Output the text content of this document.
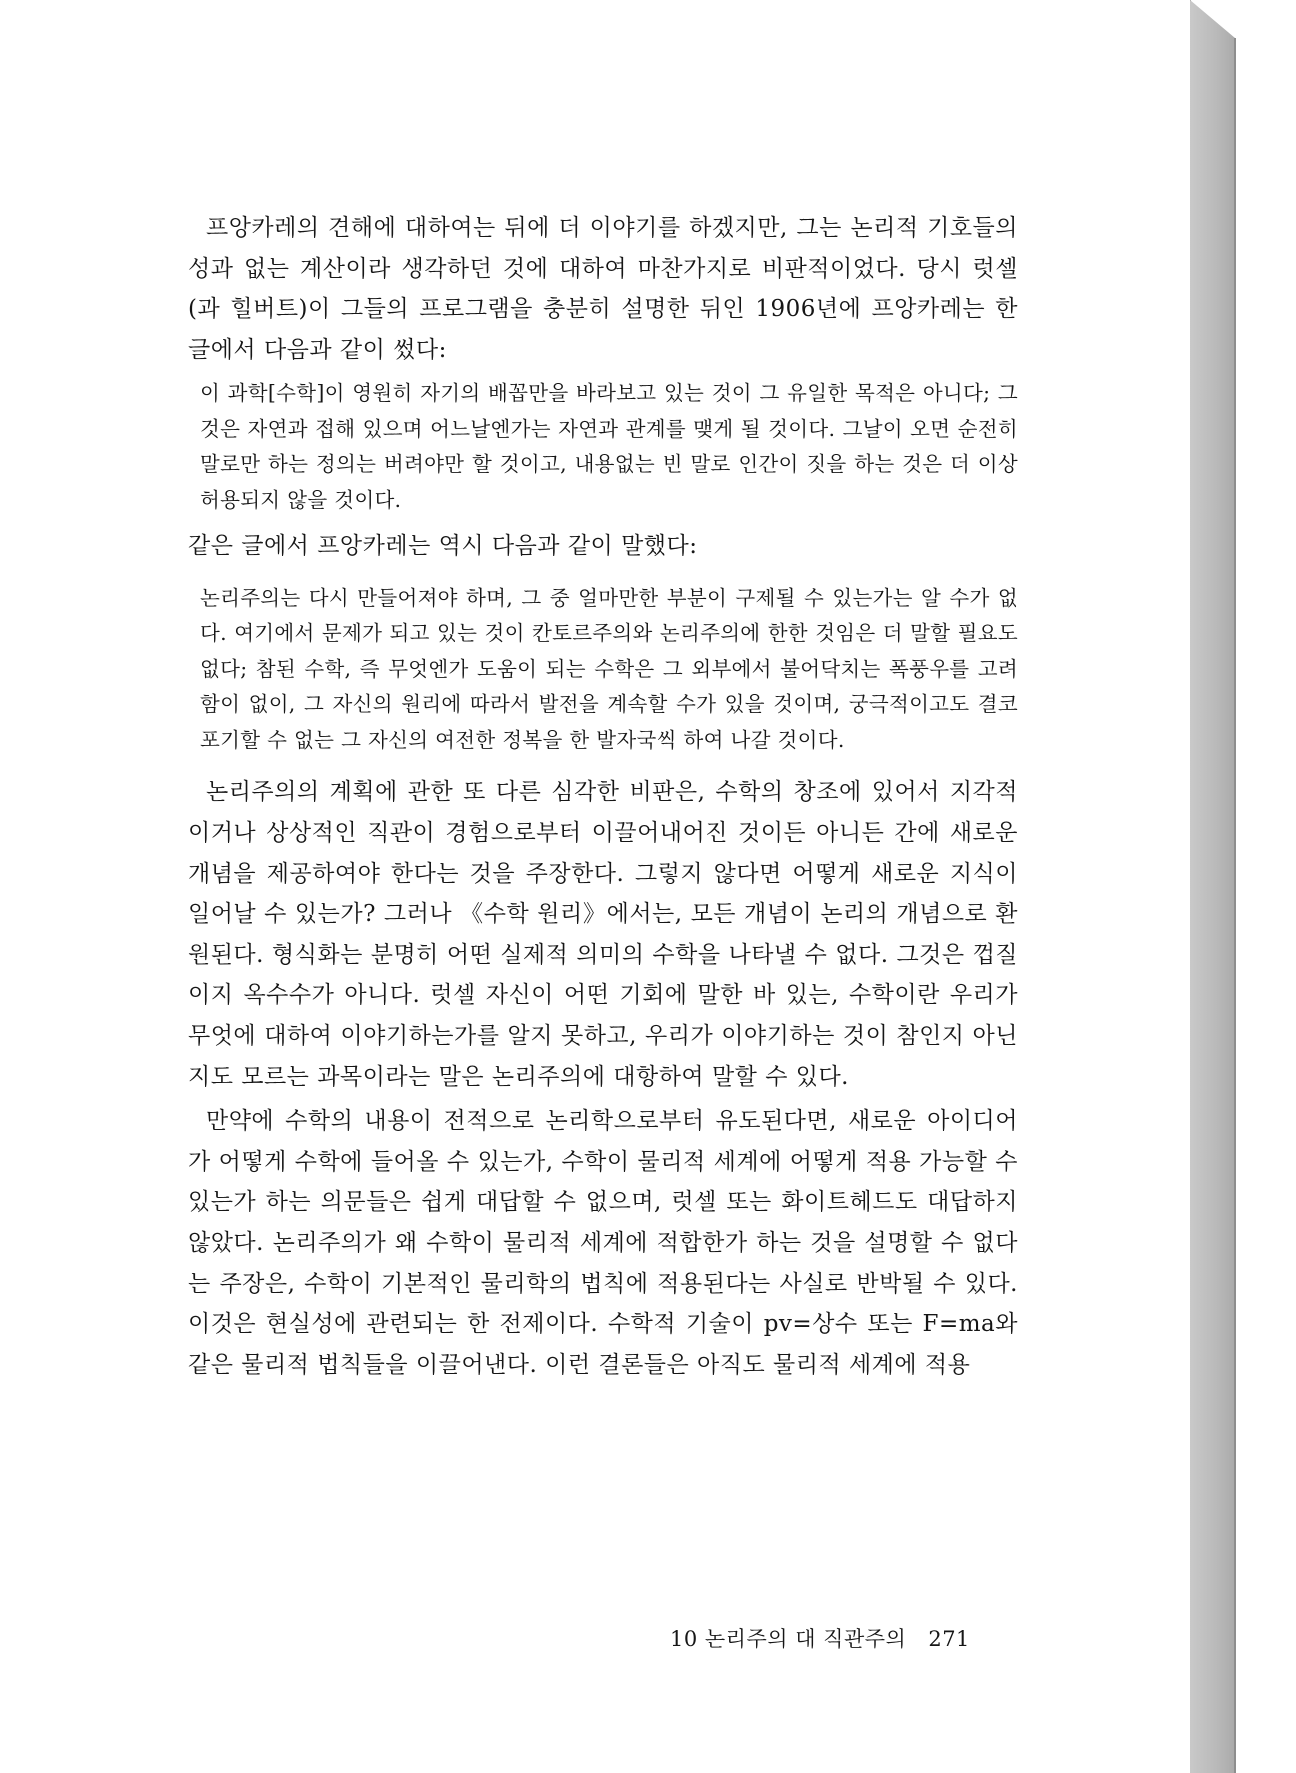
프앙카레의 견해에 대하여는 뒤에 더 이야기를 하겠지만, 그는 논리적 기호들의 성과 없는 계산이라 생각하던 것에 대하여 마찬가지로 비판적이었다. 당시 럿셀(과 힐버트)이 그들의 프로그램을 충분히 설명한 뒤인 1906년에 프앙카레는 한 글에서 다음과 같이 썼다:

이 과학[수학]이 영원히 자기의 배꼽만을 바라보고 있는 것이 그 유일한 목적은 아니다; 그것은 자연과 접해 있으며 어느날엔가는 자연과 관계를 맺게 될 것이다. 그날이 오면 순전히 말로만 하는 정의는 버려야만 할 것이고, 내용없는 빈 말로 인간이 짓을 하는 것은 더 이상 허용되지 않을 것이다.

같은 글에서 프앙카레는 역시 다음과 같이 말했다:

논리주의는 다시 만들어져야 하며, 그 중 얼마만한 부분이 구제될 수 있는가는 알 수가 없다. 여기에서 문제가 되고 있는 것이 칸토르주의와 논리주의에 한한 것임은 더 말할 필요도 없다; 참된 수학, 즉 무엇엔가 도움이 되는 수학은 그 외부에서 불어닥치는 폭풍우를 고려함이 없이, 그 자신의 원리에 따라서 발전을 계속할 수가 있을 것이며, 궁극적이고도 결코 포기할 수 없는 그 자신의 여전한 정복을 한 발자국씩 하여 나갈 것이다.

논리주의의 계획에 관한 또 다른 심각한 비판은, 수학의 창조에 있어서 지각적이거나 상상적인 직관이 경험으로부터 이끌어내어진 것이든 아니든 간에 새로운 개념을 제공하여야 한다는 것을 주장한다. 그렇지 않다면 어떻게 새로운 지식이 일어날 수 있는가? 그러나 《수학 원리》에서는, 모든 개념이 논리의 개념으로 환원된다. 형식화는 분명히 어떤 실제적 의미의 수학을 나타낼 수 없다. 그것은 껍질이지 옥수수가 아니다. 럿셀 자신이 어떤 기회에 말한 바 있는, 수학이란 우리가 무엇에 대하여 이야기하는가를 알지 못하고, 우리가 이야기하는 것이 참인지 아닌지도 모르는 과목이라는 말은 논리주의에 대항하여 말할 수 있다.

만약에 수학의 내용이 전적으로 논리학으로부터 유도된다면, 새로운 아이디어가 어떻게 수학에 들어올 수 있는가, 수학이 물리적 세계에 어떻게 적용 가능할 수 있는가 하는 의문들은 쉽게 대답할 수 없으며, 럿셀 또는 화이트헤드도 대답하지 않았다. 논리주의가 왜 수학이 물리적 세계에 적합한가 하는 것을 설명할 수 없다는 주장은, 수학이 기본적인 물리학의 법칙에 적용된다는 사실로 반박될 수 있다. 이것은 현실성에 관련되는 한 전제이다. 수학적 기술이 pv=상수 또는 F=ma와 같은 물리적 법칙들을 이끌어낸다. 이런 결론들은 아직도 물리적 세계에 적용

10 논리주의 대 직관주의 271
